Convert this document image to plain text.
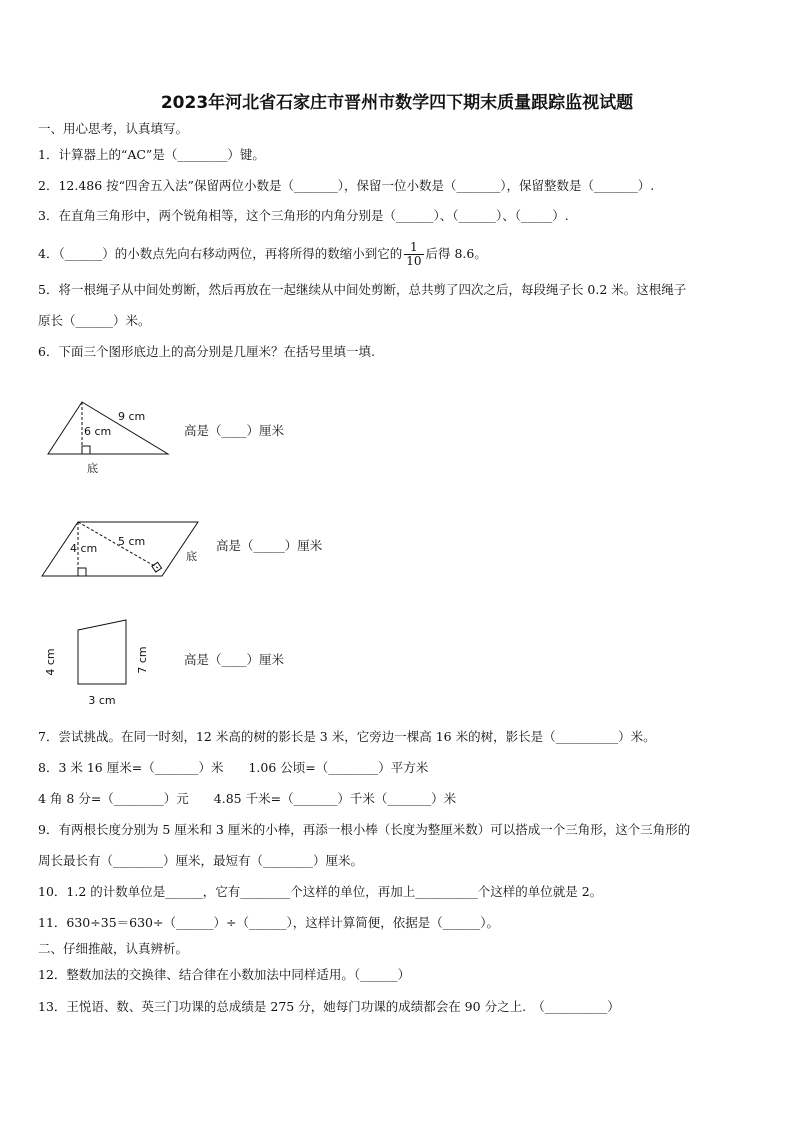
2023年河北省石家庄市晋州市数学四下期末质量跟踪监视试题
一、用心思考，认真填写。
1．计算器上的“AC”是（________）键。
2．12.486 按“四舍五入法”保留两位小数是（_______），保留一位小数是（_______），保留整数是（_______）.
3．在直角三角形中，两个锐角相等，这个三角形的内角分别是（______）、（______）、（_____）.
4．（______）的小数点先向右移动两位，再将所得的数缩小到它的 $\frac{1}{10}$ 后得 8.6。
5．将一根绳子从中间处剪断，然后再放在一起继续从中间处剪断，总共剪了四次之后，每段绳子长 0.2 米。这根绳子
原长（______）米。
6．下面三个图形底边上的高分别是几厘米？在括号里填一填.
9 cm
6 cm
底
高是（____）厘米
4 cm
5 cm
底
高是（_____）厘米
4 cm	7 cm
3 cm
高是（____）厘米
7．尝试挑战。在同一时刻，12 米高的树的影长是 3 米，它旁边一棵高 16 米的树，影长是（__________）米。
8．3 米 16 厘米=（_______）米　　1.06 公顷=（________）平方米
4 角 8 分=（________）元　　4.85 千米=（_______）千米（_______）米
9．有两根长度分别为 5 厘米和 3 厘米的小棒，再添一根小棒（长度为整厘米数）可以搭成一个三角形，这个三角形的
周长最长有（________）厘米，最短有（________）厘米。
10．1.2 的计数单位是______，它有________个这样的单位，再加上__________个这样的单位就是 2。
11．630÷35＝630÷（______）÷（______），这样计算简便，依据是（______）。
二、仔细推敲，认真辨析。
12．整数加法的交换律、结合律在小数加法中同样适用。（______）
13．王悦语、数、英三门功课的总成绩是 275 分，她每门功课的成绩都会在 90 分之上.　（__________）
